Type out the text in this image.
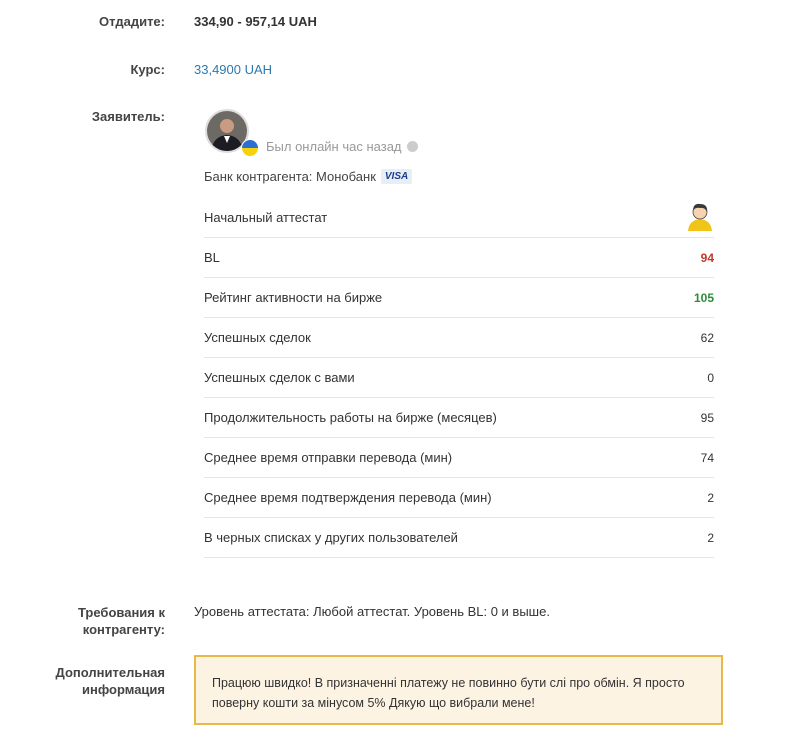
Отдадите: 334,90 - 957,14 UAH
Курс: 33,4900 UAH
Заявитель:
Был онлайн час назад
Банк контрагента: Монобанк VISA
Начальный аттестат
BL	94
Рейтинг активности на бирже	105
Успешных сделок	62
Успешных сделок с вами	0
Продолжительность работы на бирже (месяцев)	95
Среднее время отправки перевода (мин)	74
Среднее время подтверждения перевода (мин)	2
В черных списках у других пользователей	2
Требования к
контрагенту:
Уровень аттестата: Любой аттестат. Уровень BL: 0 и выше.
Дополнительная
информация	Працюю швидко! В призначенні платежу не повинно бути слі про обмін. Я просто
поверну кошти за мінусом 5% Дякую що вибрали мене!
